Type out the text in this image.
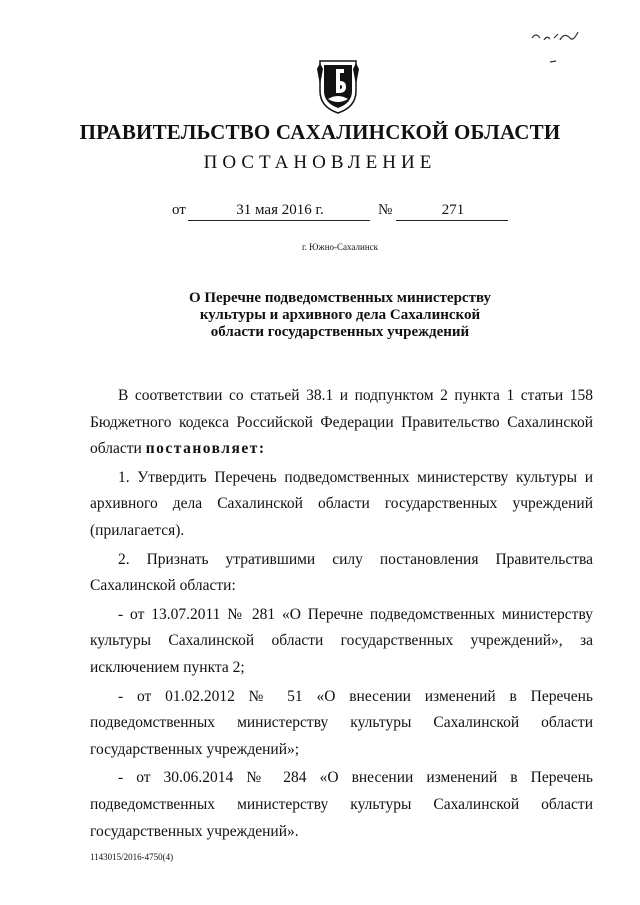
ПРАВИТЕЛЬСТВО САХАЛИНСКОЙ ОБЛАСТИ
ПОСТАНОВЛЕНИЕ
от	31 мая 2016 г.	№	271
г. Южно-Сахалинск
О Перечне подведомственных министерству
культуры и архивного дела Сахалинской
области государственных учреждений

В соответствии со статьей 38.1 и подпунктом 2 пункта 1 статьи 158 Бюджетного кодекса Российской Федерации Правительство Сахалинской области постановляет:

1. Утвердить Перечень подведомственных министерству культуры и архивного дела Сахалинской области государственных учреждений (прилагается).

2. Признать утратившими силу постановления Правительства Сахалинской области:

- от 13.07.2011 № 281 «О Перечне подведомственных министерству культуры Сахалинской области государственных учреждений», за исключением пункта 2;

- от 01.02.2012 № 51 «О внесении изменений в Перечень подведомственных министерству культуры Сахалинской области государственных учреждений»;

- от 30.06.2014 № 284 «О внесении изменений в Перечень подведомственных министерству культуры Сахалинской области государственных учреждений».

1143015/2016-4750(4)
